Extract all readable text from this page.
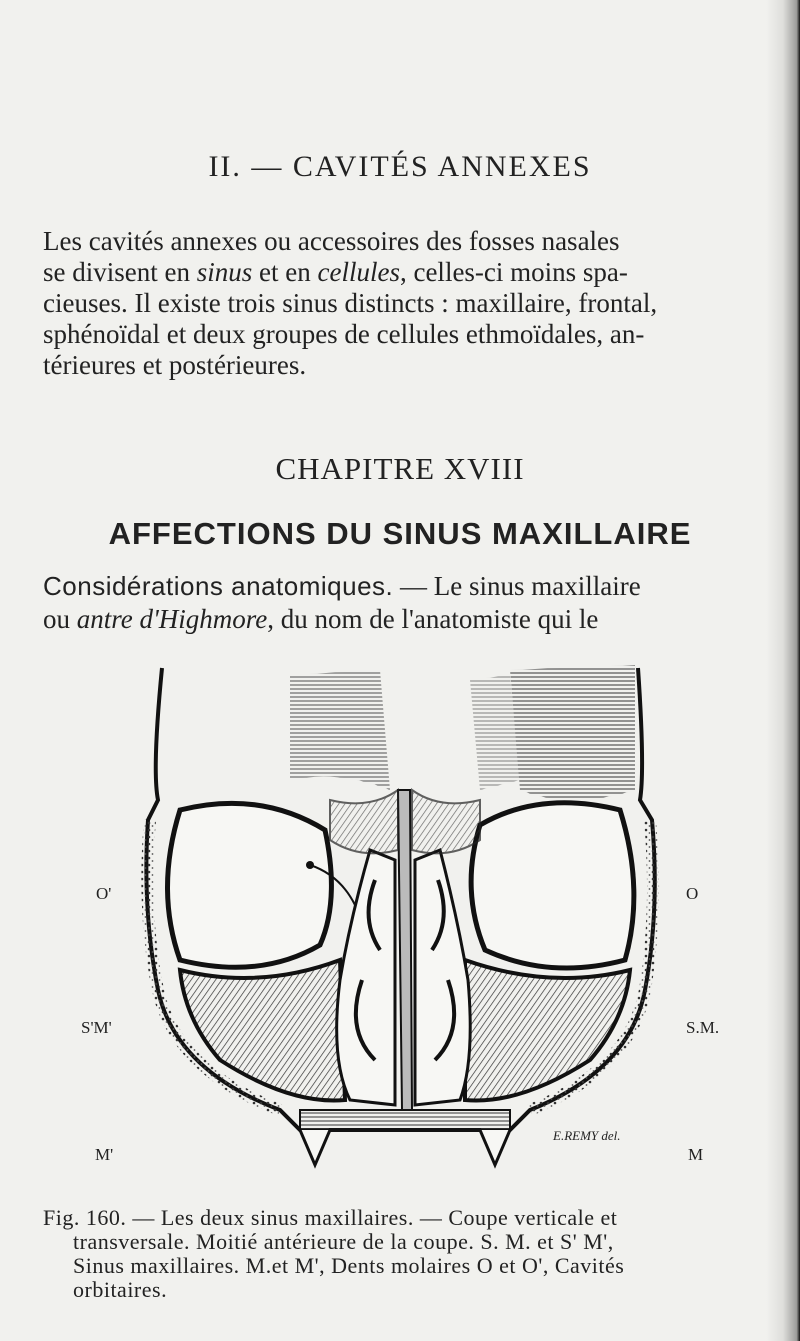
II. — CAVITÉS ANNEXES

Les cavités annexes ou accessoires des fosses nasales
se divisent en sinus et en cellules, celles-ci moins spa-
cieuses. Il existe trois sinus distincts : maxillaire, frontal,
sphénoïdal et deux groupes de cellules ethmoïdales, an-
térieures et postérieures.

CHAPITRE XVIII
AFFECTIONS DU SINUS MAXILLAIRE

Considérations anatomiques. — Le sinus maxillaire
ou antre d'Highmore, du nom de l'anatomiste qui le

O'	O
S'M'	S.M.
M'	M
E.REMY del.

Fig. 160. — Les deux sinus maxillaires. — Coupe verticale et
transversale. Moitié antérieure de la coupe. S. M. et S' M',
Sinus maxillaires. M.et M', Dents molaires O et O', Cavités
orbitaires.
